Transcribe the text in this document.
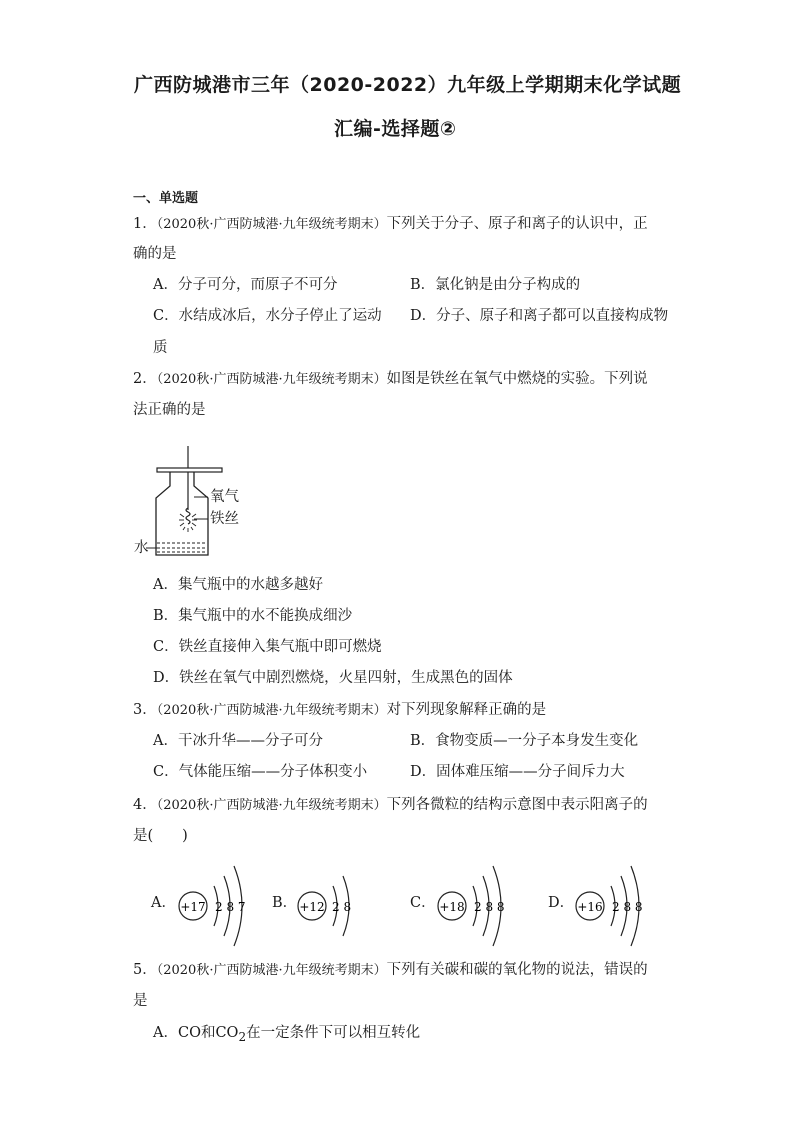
广西防城港市三年（2020-2022）九年级上学期期末化学试题
汇编-选择题②
一、单选题
1．（2020秋·广西防城港·九年级统考期末）下列关于分子、原子和离子的认识中，正
确的是
A．分子可分，而原子不可分	B．氯化钠是由分子构成的
C．水结成冰后，水分子停止了运动 D．分子、原子和离子都可以直接构成物
质
2．（2020秋·广西防城港·九年级统考期末）如图是铁丝在氧气中燃烧的实验。下列说
法正确的是
氧气
铁丝
水
A．集气瓶中的水越多越好
B．集气瓶中的水不能换成细沙
C．铁丝直接伸入集气瓶中即可燃烧
D．铁丝在氧气中剧烈燃烧，火星四射，生成黑色的固体
3．（2020秋·广西防城港·九年级统考期末）对下列现象解释正确的是
A．干冰升华——分子可分	B．食物变质—一分子本身发生变化
C．气体能压缩——分子体积变小	D．固体难压缩——分子间斥力大
4．（2020秋·广西防城港·九年级统考期末）下列各微粒的结构示意图中表示阳离子的
是(　　)
A． +17 2 8 7 B． +12 2 8	C． +18 2 8 8	D． +16 2 8 8
5．（2020秋·广西防城港·九年级统考期末）下列有关碳和碳的氧化物的说法，错误的
是
A．CO和$CO_2$在一定条件下可以相互转化
